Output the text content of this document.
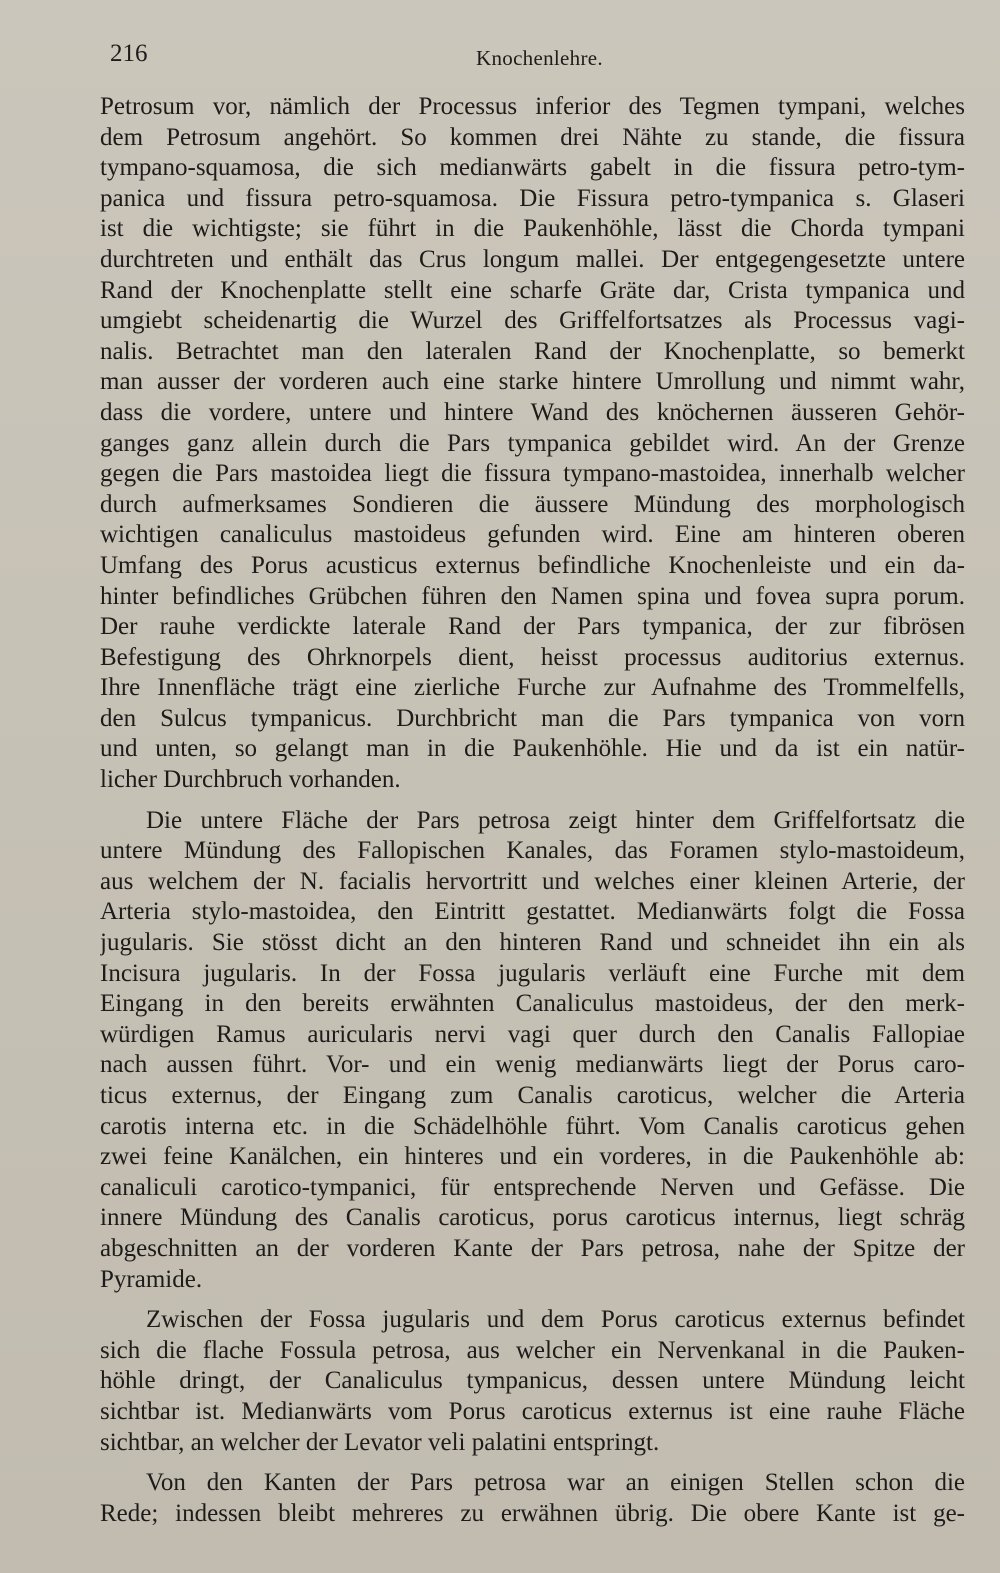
216	Knochenlehre.
Petrosum vor, nämlich der Processus inferior des Tegmen tympani, welches
dem Petrosum angehört. So kommen drei Nähte zu stande, die fissura
tympano-squamosa, die sich medianwärts gabelt in die fissura petro-tym-
panica und fissura petro-squamosa. Die Fissura petro-tympanica s. Glaseri
ist die wichtigste; sie führt in die Paukenhöhle, lässt die Chorda tympani
durchtreten und enthält das Crus longum mallei. Der entgegengesetzte untere
Rand der Knochenplatte stellt eine scharfe Gräte dar, Crista tympanica und
umgiebt scheidenartig die Wurzel des Griffelfortsatzes als Processus vagi-
nalis. Betrachtet man den lateralen Rand der Knochenplatte, so bemerkt
man ausser der vorderen auch eine starke hintere Umrollung und nimmt wahr,
dass die vordere, untere und hintere Wand des knöchernen äusseren Gehör-
ganges ganz allein durch die Pars tympanica gebildet wird. An der Grenze
gegen die Pars mastoidea liegt die fissura tympano-mastoidea, innerhalb welcher
durch aufmerksames Sondieren die äussere Mündung des morphologisch
wichtigen canaliculus mastoideus gefunden wird. Eine am hinteren oberen
Umfang des Porus acusticus externus befindliche Knochenleiste und ein da-
hinter befindliches Grübchen führen den Namen spina und fovea supra porum.
Der rauhe verdickte laterale Rand der Pars tympanica, der zur fibrösen
Befestigung des Ohrknorpels dient, heisst processus auditorius externus.
Ihre Innenfläche trägt eine zierliche Furche zur Aufnahme des Trommelfells,
den Sulcus tympanicus. Durchbricht man die Pars tympanica von vorn
und unten, so gelangt man in die Paukenhöhle. Hie und da ist ein natür-
licher Durchbruch vorhanden.
Die untere Fläche der Pars petrosa zeigt hinter dem Griffelfortsatz die
untere Mündung des Fallopischen Kanales, das Foramen stylo-mastoideum,
aus welchem der N. facialis hervortritt und welches einer kleinen Arterie, der
Arteria stylo-mastoidea, den Eintritt gestattet. Medianwärts folgt die Fossa
jugularis. Sie stösst dicht an den hinteren Rand und schneidet ihn ein als
Incisura jugularis. In der Fossa jugularis verläuft eine Furche mit dem
Eingang in den bereits erwähnten Canaliculus mastoideus, der den merk-
würdigen Ramus auricularis nervi vagi quer durch den Canalis Fallopiae
nach aussen führt. Vor- und ein wenig medianwärts liegt der Porus caro-
ticus externus, der Eingang zum Canalis caroticus, welcher die Arteria
carotis interna etc. in die Schädelhöhle führt. Vom Canalis caroticus gehen
zwei feine Kanälchen, ein hinteres und ein vorderes, in die Paukenhöhle ab:
canaliculi carotico-tympanici, für entsprechende Nerven und Gefässe. Die
innere Mündung des Canalis caroticus, porus caroticus internus, liegt schräg
abgeschnitten an der vorderen Kante der Pars petrosa, nahe der Spitze der
Pyramide.
Zwischen der Fossa jugularis und dem Porus caroticus externus befindet
sich die flache Fossula petrosa, aus welcher ein Nervenkanal in die Pauken-
höhle dringt, der Canaliculus tympanicus, dessen untere Mündung leicht
sichtbar ist. Medianwärts vom Porus caroticus externus ist eine rauhe Fläche
sichtbar, an welcher der Levator veli palatini entspringt.
Von den Kanten der Pars petrosa war an einigen Stellen schon die
Rede; indessen bleibt mehreres zu erwähnen übrig. Die obere Kante ist ge-
